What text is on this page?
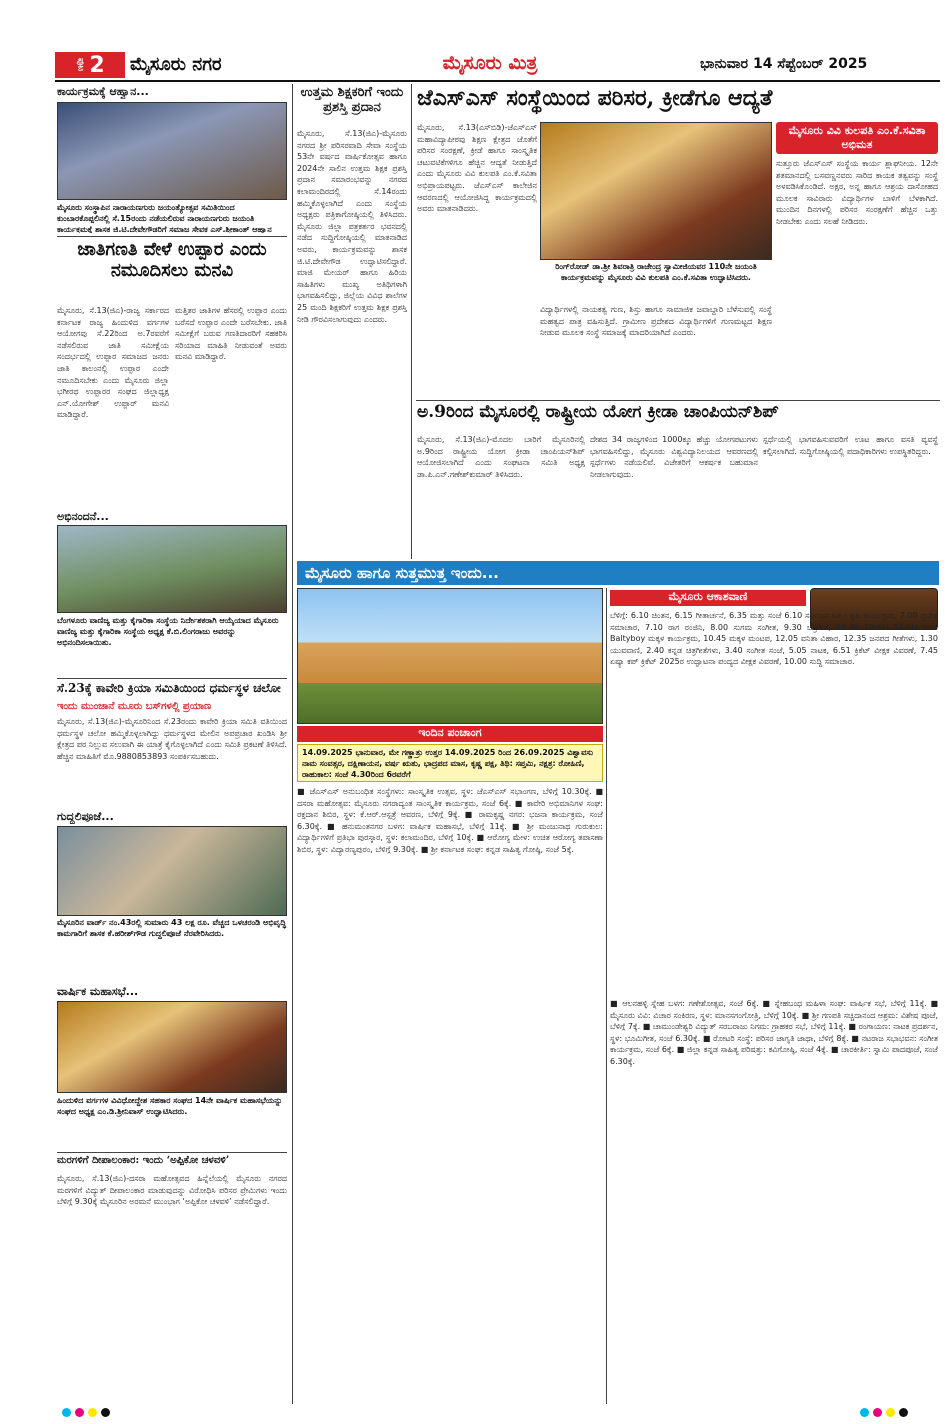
ಪುಟ 2 ಮೈಸೂರು ನಗರ	ಮೈಸೂರು ಮಿತ್ರ	ಭಾನುವಾರ 14 ಸೆಪ್ಟೆಂಬರ್ 2025
ಕಾರ್ಯಕ್ರಮಕ್ಕೆ ಆಹ್ವಾನ...
ಮೈಸೂರು ಸಂಸ್ಥಾಪಿನ ನಾರಾಯಣಗುರು ಜಯಂತ್ಯೋತ್ಸವ ಸಮಿತಿಯಿಂದ ಕುಂಬಾರಕೊಪ್ಪಲಿನಲ್ಲಿ ಸೆ.15ರಂದು ನಡೆಯಲಿರುವ ನಾರಾಯಣಗುರು ಜಯಂತಿ ಕಾರ್ಯಕ್ರಮಕ್ಕೆ ಶಾಸಕ ಜಿ.ಟಿ.ದೇವೇಗೌಡರಿಗೆ ಸಮಾಜ ಸೇವಕ ಎಸ್.ಶ್ರೀಕಾಂತ್ ಆಹ್ವಾನ
ಜಾತಿಗಣತಿ ವೇಳೆ ಉಪ್ಪಾರ ಎಂದು ನಮೂದಿಸಲು ಮನವಿ
ಮೈಸೂರು, ಸೆ.13(ಜಿಎ)-ರಾಜ್ಯ ಸರ್ಕಾರದ ಕರ್ನಾಟಕ ರಾಜ್ಯ ಹಿಂದುಳಿದ ವರ್ಗಗಳ ಆಯೋಗವು ಸೆ.22ರಿಂದ ಅ.7ರವರೆಗೆ ನಡೆಸಲಿರುವ ಜಾತಿ ಸಮೀಕ್ಷೆಯ ಸಂದರ್ಭದಲ್ಲಿ ಉಪ್ಪಾರ ಸಮಾಜದ ಜನರು ಜಾತಿ ಕಾಲಂನಲ್ಲಿ ಉಪ್ಪಾರ ಎಂದೇ ನಮೂದಿಸಬೇಕು ಎಂದು ಮೈಸೂರು ಜಿಲ್ಲಾ ಭಗೀರಥ ಉಪ್ಪಾರರ ಸಂಘದ ಜಿಲ್ಲಾಧ್ಯಕ್ಷ ಎನ್.ಯೋಗೇಶ್ ಉಪ್ಪಾರ್ ಮನವಿ ಮಾಡಿದ್ದಾರೆ.
ಮತ್ತಿತರ ಜಾತಿಗಳ ಹೆಸರಲ್ಲಿ ಉಪ್ಪಾರ ಎಂದು ಬರೆಸದೆ ಉಪ್ಪಾರ ಎಂದೇ ಬರೆಸಬೇಕು. ಜಾತಿ ಸಮೀಕ್ಷೆಗೆ ಬರುವ ಗಣತಿದಾರರಿಗೆ ಸಹಕರಿಸಿ ಸರಿಯಾದ ಮಾಹಿತಿ ನೀಡುವಂತೆ ಅವರು ಮನವಿ ಮಾಡಿದ್ದಾರೆ.
ಅಭಿನಂದನೆ...
ಬೆಂಗಳೂರು ವಾಣಿಜ್ಯ ಮತ್ತು ಕೈಗಾರಿಕಾ ಸಂಸ್ಥೆಯ ನಿರ್ದೇಶಕರಾಗಿ ಆಯ್ಕೆಯಾದ ಮೈಸೂರು ವಾಣಿಜ್ಯ ಮತ್ತು ಕೈಗಾರಿಕಾ ಸಂಸ್ಥೆಯ ಅಧ್ಯಕ್ಷ ಕೆ.ಬಿ.ಲಿಂಗರಾಜು ಅವರನ್ನು ಅಭಿನಂದಿಸಲಾಯಿತು.
ಸೆ.23ಕ್ಕೆ ಕಾವೇರಿ ಕ್ರಿಯಾ ಸಮಿತಿಯಿಂದ ಧರ್ಮಸ್ಥಳ ಚಲೋ
ಇಂದು ಮುಂಜಾನೆ ಮೂರು ಬಸ್‌ಗಳಲ್ಲಿ ಪ್ರಯಾಣ
ಮೈಸೂರು, ಸೆ.13(ಜಿಎ)-ಮೈಸೂರಿನಿಂದ ಸೆ.23ರಂದು ಕಾವೇರಿ ಕ್ರಿಯಾ ಸಮಿತಿ ವತಿಯಿಂದ ಧರ್ಮಸ್ಥಳ ಚಲೋ ಹಮ್ಮಿಕೊಳ್ಳಲಾಗಿದ್ದು ಧರ್ಮಸ್ಥಳದ ಮೇಲಿನ ಅಪಪ್ರಚಾರ ಖಂಡಿಸಿ ಶ್ರೀ ಕ್ಷೇತ್ರದ ಪರ ನಿಲ್ಲುವ ಸಲುವಾಗಿ ಈ ಯಾತ್ರೆ ಕೈಗೊಳ್ಳಲಾಗಿದೆ ಎಂದು ಸಮಿತಿ ಪ್ರಕಟಣೆ ತಿಳಿಸಿದೆ. ಹೆಚ್ಚಿನ ಮಾಹಿತಿಗೆ ಮೊ.9880853893 ಸಂಪರ್ಕಿಸಬಹುದು.
ಗುದ್ದಲಿಪೂಜೆ...
ಮೈಸೂರಿನ ವಾರ್ಡ್ ನಂ.43ರಲ್ಲಿ ಸುಮಾರು 43 ಲಕ್ಷ ರೂ. ವೆಚ್ಚದ ಒಳಚರಂಡಿ ಅಭಿವೃದ್ಧಿ ಕಾಮಗಾರಿಗೆ ಶಾಸಕ ಕೆ.ಹರೀಶ್‌ಗೌಡ ಗುದ್ದಲಿಪೂಜೆ ನೆರವೇರಿಸಿದರು.
ವಾರ್ಷಿಕ ಮಹಾಸಭೆ...
ಹಿಂದುಳಿದ ವರ್ಗಗಳ ವಿವಿಧೋದ್ದೇಶ ಸಹಕಾರ ಸಂಘದ 14ನೇ ವಾರ್ಷಿಕ ಮಹಾಸಭೆಯನ್ನು ಸಂಘದ ಅಧ್ಯಕ್ಷ ಎಂ.ಡಿ.ಶ್ರೀನಿವಾಸ್ ಉದ್ಘಾಟಿಸಿದರು.
ಮರಗಳಿಗೆ ದೀಪಾಲಂಕಾರ: ಇಂದು ‘ಅಪ್ಪಿಕೋ ಚಳವಳಿ’
ಮೈಸೂರು, ಸೆ.13(ಜಿಎ)-ದಸರಾ ಮಹೋತ್ಸವದ ಹಿನ್ನೆಲೆಯಲ್ಲಿ ಮೈಸೂರು ನಗರದ ಮರಗಳಿಗೆ ವಿದ್ಯುತ್ ದೀಪಾಲಂಕಾರ ಮಾಡುವುದನ್ನು ವಿರೋಧಿಸಿ ಪರಿಸರ ಪ್ರೇಮಿಗಳು ಇಂದು ಬೆಳಿಗ್ಗೆ 9.30ಕ್ಕೆ ಮೈಸೂರಿನ ಅರಮನೆ ಮುಂಭಾಗ ‘ಅಪ್ಪಿಕೋ ಚಳವಳಿ’ ನಡೆಸಲಿದ್ದಾರೆ.
ಉತ್ತಮ ಶಿಕ್ಷಕರಿಗೆ ಇಂದು ಪ್ರಶಸ್ತಿ ಪ್ರದಾನ
ಮೈಸೂರು, ಸೆ.13(ಜಿಎ)-ಮೈಸೂರು ನಗರದ ಶ್ರೀ ಪರಿಸರವಾದಿ ಸೇವಾ ಸಂಸ್ಥೆಯ 53ನೇ ವರ್ಷದ ವಾರ್ಷಿಕೋತ್ಸವ ಹಾಗೂ 2024ನೇ ಸಾಲಿನ ಉತ್ತಮ ಶಿಕ್ಷಕ ಪ್ರಶಸ್ತಿ ಪ್ರದಾನ ಸಮಾರಂಭವನ್ನು ನಗರದ ಕಲಾಮಂದಿರದಲ್ಲಿ ಸೆ.14ರಂದು ಹಮ್ಮಿಕೊಳ್ಳಲಾಗಿದೆ ಎಂದು ಸಂಸ್ಥೆಯ ಅಧ್ಯಕ್ಷರು ಪತ್ರಿಕಾಗೋಷ್ಠಿಯಲ್ಲಿ ತಿಳಿಸಿದರು. ಮೈಸೂರು ಜಿಲ್ಲಾ ಪತ್ರಕರ್ತರ ಭವನದಲ್ಲಿ ನಡೆದ ಸುದ್ದಿಗೋಷ್ಠಿಯಲ್ಲಿ ಮಾತನಾಡಿದ ಅವರು, ಕಾರ್ಯಕ್ರಮವನ್ನು ಶಾಸಕ ಜಿ.ಟಿ.ದೇವೇಗೌಡ ಉದ್ಘಾಟಿಸಲಿದ್ದಾರೆ. ಮಾಜಿ ಮೇಯರ್ ಹಾಗೂ ಹಿರಿಯ ಸಾಹಿತಿಗಳು ಮುಖ್ಯ ಅತಿಥಿಗಳಾಗಿ ಭಾಗವಹಿಸಲಿದ್ದು, ಜಿಲ್ಲೆಯ ವಿವಿಧ ಶಾಲೆಗಳ 25 ಮಂದಿ ಶಿಕ್ಷಕರಿಗೆ ಉತ್ತಮ ಶಿಕ್ಷಕ ಪ್ರಶಸ್ತಿ ನೀಡಿ ಗೌರವಿಸಲಾಗುವುದು ಎಂದರು.
ಜೆಎಸ್‌ಎಸ್ ಸಂಸ್ಥೆಯಿಂದ ಪರಿಸರ, ಕ್ರೀಡೆಗೂ ಆದ್ಯತೆ
ಮೈಸೂರು, ಸೆ.13(ಎಸ್‌ಬಿಡಿ)-ಜೆಎಸ್‌ಎಸ್ ಮಹಾವಿದ್ಯಾಪೀಠವು ಶಿಕ್ಷಣ ಕ್ಷೇತ್ರದ ಜೊತೆಗೆ ಪರಿಸರ ಸಂರಕ್ಷಣೆ, ಕ್ರೀಡೆ ಹಾಗೂ ಸಾಂಸ್ಕೃತಿಕ ಚಟುವಟಿಕೆಗಳಿಗೂ ಹೆಚ್ಚಿನ ಆದ್ಯತೆ ನೀಡುತ್ತಿದೆ ಎಂದು ಮೈಸೂರು ವಿವಿ ಕುಲಪತಿ ಎಂ.ಕೆ.ಸವಿತಾ ಅಭಿಪ್ರಾಯಪಟ್ಟರು. ಜೆಎಸ್‌ಎಸ್ ಕಾಲೇಜಿನ ಆವರಣದಲ್ಲಿ ಆಯೋಜಿಸಿದ್ದ ಕಾರ್ಯಕ್ರಮದಲ್ಲಿ ಅವರು ಮಾತನಾಡಿದರು.
ರಿಂಗ್‌ರೋಡ್ ಡಾ.ಶ್ರೀ ಶಿವರಾತ್ರಿ ರಾಜೇಂದ್ರ ಸ್ವಾಮೀಜಿಯವರ 110ನೇ ಜಯಂತಿ ಕಾರ್ಯಕ್ರಮವನ್ನು ಮೈಸೂರು ವಿವಿ ಕುಲಪತಿ ಎಂ.ಕೆ.ಸವಿತಾ ಉದ್ಘಾಟಿಸಿದರು.
ವಿದ್ಯಾರ್ಥಿಗಳಲ್ಲಿ ನಾಯಕತ್ವ ಗುಣ, ಶಿಸ್ತು ಹಾಗೂ ಸಾಮಾಜಿಕ ಜವಾಬ್ದಾರಿ ಬೆಳೆಸುವಲ್ಲಿ ಸಂಸ್ಥೆ ಮಹತ್ವದ ಪಾತ್ರ ವಹಿಸುತ್ತಿದೆ. ಗ್ರಾಮೀಣ ಪ್ರದೇಶದ ವಿದ್ಯಾರ್ಥಿಗಳಿಗೆ ಗುಣಮಟ್ಟದ ಶಿಕ್ಷಣ ನೀಡುವ ಮೂಲಕ ಸಂಸ್ಥೆ ಸಮಾಜಕ್ಕೆ ಮಾದರಿಯಾಗಿದೆ ಎಂದರು.
ಮೈಸೂರು ವಿವಿ ಕುಲಪತಿ ಎಂ.ಕೆ.ಸವಿತಾ ಅಭಿಮತ
ಸುತ್ತೂರು ಜೆಎಸ್‌ಎಸ್ ಸಂಸ್ಥೆಯ ಕಾರ್ಯ ಶ್ಲಾಘನೀಯ. 12ನೇ ಶತಮಾನದಲ್ಲಿ ಬಸವಣ್ಣನವರು ಸಾರಿದ ಕಾಯಕ ತತ್ವವನ್ನು ಸಂಸ್ಥೆ ಅಳವಡಿಸಿಕೊಂಡಿದೆ. ಅಕ್ಷರ, ಅನ್ನ ಹಾಗೂ ಆಶ್ರಯ ದಾಸೋಹದ ಮೂಲಕ ಸಾವಿರಾರು ವಿದ್ಯಾರ್ಥಿಗಳ ಬಾಳಿಗೆ ಬೆಳಕಾಗಿದೆ. ಮುಂದಿನ ದಿನಗಳಲ್ಲಿ ಪರಿಸರ ಸಂರಕ್ಷಣೆಗೆ ಹೆಚ್ಚಿನ ಒತ್ತು ನೀಡಬೇಕು ಎಂದು ಸಲಹೆ ನೀಡಿದರು.
ಅ.9ರಿಂದ ಮೈಸೂರಲ್ಲಿ ರಾಷ್ಟ್ರೀಯ ಯೋಗ ಕ್ರೀಡಾ ಚಾಂಪಿಯನ್‌ಶಿಪ್
ಮೈಸೂರು, ಸೆ.13(ಜಿಎ)-ಮೊದಲ ಬಾರಿಗೆ ಮೈಸೂರಿನಲ್ಲಿ ಅ.9ರಿಂದ ರಾಷ್ಟ್ರೀಯ ಯೋಗ ಕ್ರೀಡಾ ಚಾಂಪಿಯನ್‌ಶಿಪ್ ಆಯೋಜಿಸಲಾಗಿದೆ ಎಂದು ಸಂಘಟನಾ ಸಮಿತಿ ಅಧ್ಯಕ್ಷ ಡಾ.ಪಿ.ಎನ್.ಗಣೇಶ್‌ಕುಮಾರ್ ತಿಳಿಸಿದರು.
ದೇಶದ 34 ರಾಜ್ಯಗಳಿಂದ 1000ಕ್ಕೂ ಹೆಚ್ಚು ಯೋಗಪಟುಗಳು ಭಾಗವಹಿಸಲಿದ್ದು, ಮೈಸೂರು ವಿಶ್ವವಿದ್ಯಾನಿಲಯದ ಆವರಣದಲ್ಲಿ ಸ್ಪರ್ಧೆಗಳು ನಡೆಯಲಿವೆ. ವಿಜೇತರಿಗೆ ಆಕರ್ಷಕ ಬಹುಮಾನ ನೀಡಲಾಗುವುದು.
ಸ್ಪರ್ಧೆಯಲ್ಲಿ ಭಾಗವಹಿಸುವವರಿಗೆ ಊಟ ಹಾಗೂ ವಸತಿ ವ್ಯವಸ್ಥೆ ಕಲ್ಪಿಸಲಾಗಿದೆ. ಸುದ್ದಿಗೋಷ್ಠಿಯಲ್ಲಿ ಪದಾಧಿಕಾರಿಗಳು ಉಪಸ್ಥಿತರಿದ್ದರು.
ಮೈಸೂರು ಹಾಗೂ ಸುತ್ತಮುತ್ತ ಇಂದು...
ಇಂದಿನ ಪಂಚಾಂಗ
14.09.2025 ಭಾನುವಾರ, ಮೇ ಗಣ್ಣಾತ್ರು ಉತ್ತರ 14.09.2025 ರಿಂದ 26.09.2025 ವಿಶ್ವಾವಸು ನಾಮ ಸಂವತ್ಸರ, ದಕ್ಷಿಣಾಯನ, ವರ್ಷ ಋತು, ಭಾದ್ರಪದ ಮಾಸ, ಕೃಷ್ಣ ಪಕ್ಷ, ತಿಥಿ: ಸಪ್ತಮಿ, ನಕ್ಷತ್ರ: ರೋಹಿಣಿ, ರಾಹುಕಾಲ: ಸಂಜೆ 4.30ರಿಂದ 6ರವರೆಗೆ
ಮೈಸೂರು ಆಕಾಶವಾಣಿ
ಬೆಳಿಗ್ಗೆ: 6.10 ಚಿಂತನ, 6.15 ಗೀತಾರ್ಚನೆ, 6.35 ಮತ್ತು ಸಂಜೆ 6.10 ಸರ್ವಜನ ಹಿತ - ಕೃಷಿ ಕಾರ್ಯಕ್ರಮ, 7.00 ಪ್ರದೇಶ ಸಮಾಚಾರ, 7.10 ರಾಗ ರಂಜಿನಿ, 8.00 ಸುಗಮ ಸಂಗೀತ, 9.30 ಚಿತ್ರಗೀತೆ, 10.30 KRISH TRISH and Baltyboy ಮಕ್ಕಳ ಕಾರ್ಯಕ್ರಮ, 10.45 ಮಕ್ಕಳ ಮಂಟಪ, 12.05 ವನಿತಾ ವಿಹಾರ, 12.35 ಜನಪದ ಗೀತೆಗಳು, 1.30 ಯುವವಾಣಿ, 2.40 ಕನ್ನಡ ಚಿತ್ರಗೀತೆಗಳು, 3.40 ಸಂಗೀತ ಸಂಜೆ, 5.05 ನಾಟಕ, 6.51 ಕ್ರಿಕೆಟ್ ವೀಕ್ಷಕ ವಿವರಣೆ, 7.45 ಏಷ್ಯಾ ಕಪ್ ಕ್ರಿಕೆಟ್ 2025ರ ಉದ್ಘಾಟನಾ ಪಂದ್ಯದ ವೀಕ್ಷಕ ವಿವರಣೆ, 10.00 ಸುದ್ದಿ ಸಮಾಚಾರ.
■ ಜೆಎಸ್‌ಎಸ್ ಅನುಬಂಧಿತ ಸಂಸ್ಥೆಗಳು: ಸಾಂಸ್ಕೃತಿಕ ಉತ್ಸವ, ಸ್ಥಳ: ಜೆಎಸ್‌ಎಸ್ ಸಭಾಂಗಣ, ಬೆಳಿಗ್ಗೆ 10.30ಕ್ಕೆ. ■ ದಸರಾ ಮಹೋತ್ಸವ: ಮೈಸೂರು ನಗರಾದ್ಯಂತ ಸಾಂಸ್ಕೃತಿಕ ಕಾರ್ಯಕ್ರಮ, ಸಂಜೆ 6ಕ್ಕೆ. ■ ಕಾವೇರಿ ಅಭಿಮಾನಿಗಳ ಸಂಘ: ರಕ್ತದಾನ ಶಿಬಿರ, ಸ್ಥಳ: ಕೆ.ಆರ್.ಆಸ್ಪತ್ರೆ ಆವರಣ, ಬೆಳಿಗ್ಗೆ 9ಕ್ಕೆ. ■ ರಾಮಕೃಷ್ಣ ನಗರ: ಭಜನಾ ಕಾರ್ಯಕ್ರಮ, ಸಂಜೆ 6.30ಕ್ಕೆ. ■ ಹನುಮಂತನಗರ ಬಳಗ: ವಾರ್ಷಿಕ ಮಹಾಸಭೆ, ಬೆಳಿಗ್ಗೆ 11ಕ್ಕೆ. ■ ಶ್ರೀ ಮಂಜುನಾಥ ಗುರುಕುಲ: ವಿದ್ಯಾರ್ಥಿಗಳಿಗೆ ಪ್ರತಿಭಾ ಪುರಸ್ಕಾರ, ಸ್ಥಳ: ಕಲಾಮಂದಿರ, ಬೆಳಿಗ್ಗೆ 10ಕ್ಕೆ. ■ ಆರೋಗ್ಯ ಮೇಳ: ಉಚಿತ ಆರೋಗ್ಯ ತಪಾಸಣಾ ಶಿಬಿರ, ಸ್ಥಳ: ವಿದ್ಯಾರಣ್ಯಪುರಂ, ಬೆಳಿಗ್ಗೆ 9.30ಕ್ಕೆ. ■ ಶ್ರೀ ಕರ್ನಾಟಕ ಸಂಘ: ಕನ್ನಡ ಸಾಹಿತ್ಯ ಗೋಷ್ಠಿ, ಸಂಜೆ 5ಕ್ಕೆ.
■ ಆಲನಹಳ್ಳಿ ಸ್ನೇಹ ಬಳಗ: ಗಣೇಶೋತ್ಸವ, ಸಂಜೆ 6ಕ್ಕೆ. ■ ಸ್ನೇಹಬಂಧ ಮಹಿಳಾ ಸಂಘ: ವಾರ್ಷಿಕ ಸಭೆ, ಬೆಳಿಗ್ಗೆ 11ಕ್ಕೆ. ■ ಮೈಸೂರು ವಿವಿ: ವಿಚಾರ ಸಂಕಿರಣ, ಸ್ಥಳ: ಮಾನಸಗಂಗೋತ್ರಿ, ಬೆಳಿಗ್ಗೆ 10ಕ್ಕೆ. ■ ಶ್ರೀ ಗಣಪತಿ ಸಚ್ಚಿದಾನಂದ ಆಶ್ರಮ: ವಿಶೇಷ ಪೂಜೆ, ಬೆಳಿಗ್ಗೆ 7ಕ್ಕೆ. ■ ಚಾಮುಂಡೇಶ್ವರಿ ವಿದ್ಯುತ್ ಸರಬರಾಜು ನಿಗಮ: ಗ್ರಾಹಕರ ಸಭೆ, ಬೆಳಿಗ್ಗೆ 11ಕ್ಕೆ. ■ ರಂಗಾಯಣ: ನಾಟಕ ಪ್ರದರ್ಶನ, ಸ್ಥಳ: ಭೂಮಿಗೀತ, ಸಂಜೆ 6.30ಕ್ಕೆ. ■ ರೋಟರಿ ಸಂಸ್ಥೆ: ಪರಿಸರ ಜಾಗೃತಿ ಜಾಥಾ, ಬೆಳಿಗ್ಗೆ 8ಕ್ಕೆ. ■ ನಟರಾಜ ಸಭಾಭವನ: ಸಂಗೀತ ಕಾರ್ಯಕ್ರಮ, ಸಂಜೆ 6ಕ್ಕೆ. ■ ಜಿಲ್ಲಾ ಕನ್ನಡ ಸಾಹಿತ್ಯ ಪರಿಷತ್ತು: ಕವಿಗೋಷ್ಠಿ, ಸಂಜೆ 4ಕ್ಕೆ. ■ ಚಾರಕೀರ್ತಿ: ಸ್ವಾಮಿ ಪಾದಪೂಜೆ, ಸಂಜೆ 6.30ಕ್ಕೆ.
